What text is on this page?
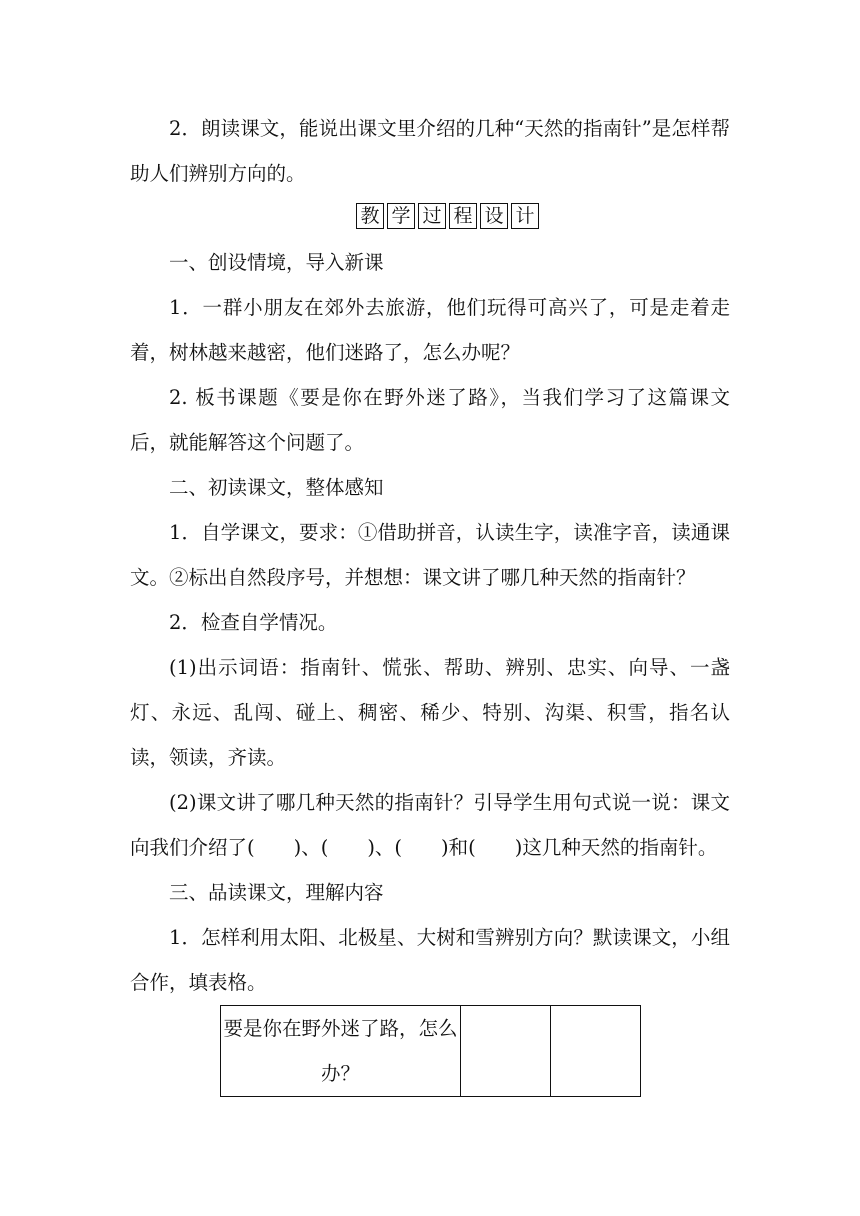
2．朗读课文，能说出课文里介绍的几种“天然的指南针”是怎样帮助人们辨别方向的。

教 学 过 程 设 计

一、创设情境，导入新课

1．一群小朋友在郊外去旅游，他们玩得可高兴了，可是走着走着，树林越来越密，他们迷路了，怎么办呢？

2. 板书课题《要是你在野外迷了路》，当我们学习了这篇课文后，就能解答这个问题了。

二、初读课文，整体感知

1．自学课文，要求：①借助拼音，认读生字，读准字音，读通课文。②标出自然段序号，并想想：课文讲了哪几种天然的指南针？

2．检查自学情况。

(1)出示词语：指南针、慌张、帮助、辨别、忠实、向导、一盏灯、永远、乱闯、碰上、稠密、稀少、特别、沟渠、积雪，指名认读，领读，齐读。

(2)课文讲了哪几种天然的指南针？引导学生用句式说一说：课文向我们介绍了(　　)、(　　)、(　　)和(　　)这几种天然的指南针。

三、品读课文，理解内容

1．怎样利用太阳、北极星、大树和雪辨别方向？默读课文，小组合作，填表格。

要是你在野外迷了路，怎么办？		
